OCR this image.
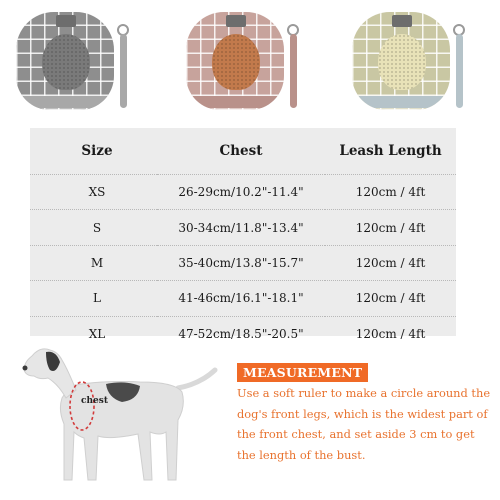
Size	Chest	Leash Length
XS	26-29cm/10.2"-11.4"	120cm / 4ft
S	30-34cm/11.8"-13.4"	120cm / 4ft
M	35-40cm/13.8"-15.7"	120cm / 4ft
L	41-46cm/16.1"-18.1"	120cm / 4ft
XL	47-52cm/18.5"-20.5"	120cm / 4ft
chest
MEASUREMENT
Use a soft ruler to make a circle around the dog's front legs, which is the widest part of the front chest, and set aside 3 cm to get the length of the bust.
